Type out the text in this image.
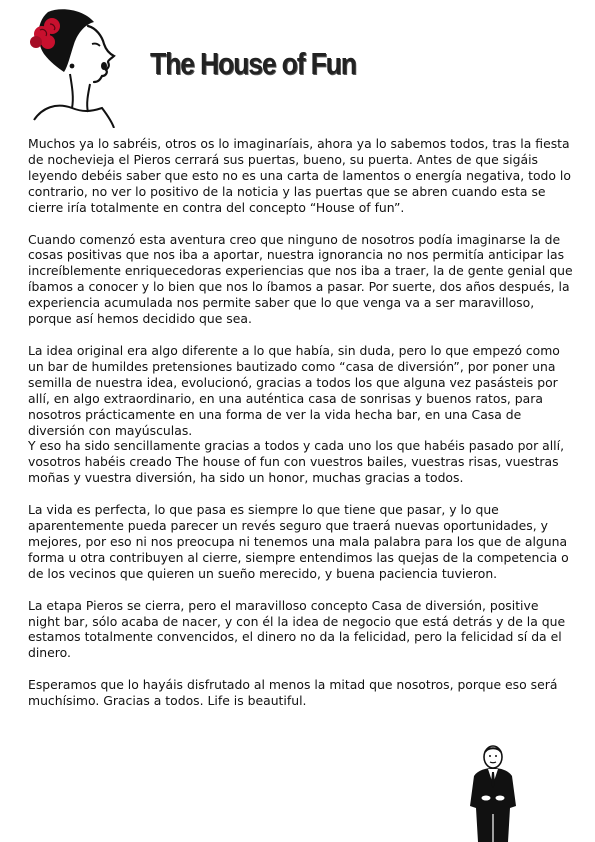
The House of Fun

Muchos ya lo sabréis, otros os lo imaginaríais, ahora ya lo sabemos todos, tras la fiesta de nochevieja el Pieros cerrará sus puertas, bueno, su puerta. Antes de que sigáis leyendo debéis saber que esto no es una carta de lamentos o energía negativa, todo lo contrario, no ver lo positivo de la noticia y las puertas que se abren cuando esta se cierre iría totalmente en contra del concepto “House of fun”.

Cuando comenzó esta aventura creo que ninguno de nosotros podía imaginarse la de cosas positivas que nos iba a aportar, nuestra ignorancia no nos permitía anticipar las increíblemente enriquecedoras experiencias que nos iba a traer, la de gente genial que íbamos a conocer y lo bien que nos lo íbamos a pasar. Por suerte, dos años después, la experiencia acumulada nos permite saber que lo que venga va a ser maravilloso, porque así hemos decidido que sea.

La idea original era algo diferente a lo que había, sin duda, pero lo que empezó como un bar de humildes pretensiones bautizado como “casa de diversión”, por poner una semilla de nuestra idea, evolucionó, gracias a todos los que alguna vez pasásteis por allí, en algo extraordinario, en una auténtica casa de sonrisas y buenos ratos, para nosotros prácticamente en una forma de ver la vida hecha bar, en una Casa de diversión con mayúsculas.

Y eso ha sido sencillamente gracias a todos y cada uno los que habéis pasado por allí, vosotros habéis creado The house of fun con vuestros bailes, vuestras risas, vuestras moñas y vuestra diversión, ha sido un honor, muchas gracias a todos.

La vida es perfecta, lo que pasa es siempre lo que tiene que pasar, y lo que aparentemente pueda parecer un revés seguro que traerá nuevas oportunidades, y mejores, por eso ni nos preocupa ni tenemos una mala palabra para los que de alguna forma u otra contribuyen al cierre, siempre entendimos las quejas de la competencia o de los vecinos que quieren un sueño merecido, y buena paciencia tuvieron.

La etapa Pieros se cierra, pero el maravilloso concepto Casa de diversión, positive night bar, sólo acaba de nacer, y con él la idea de negocio que está detrás y de la que estamos totalmente convencidos, el dinero no da la felicidad, pero la felicidad sí da el dinero.

Esperamos que lo hayáis disfrutado al menos la mitad que nosotros, porque eso será muchísimo. Gracias a todos. Life is beautiful.
